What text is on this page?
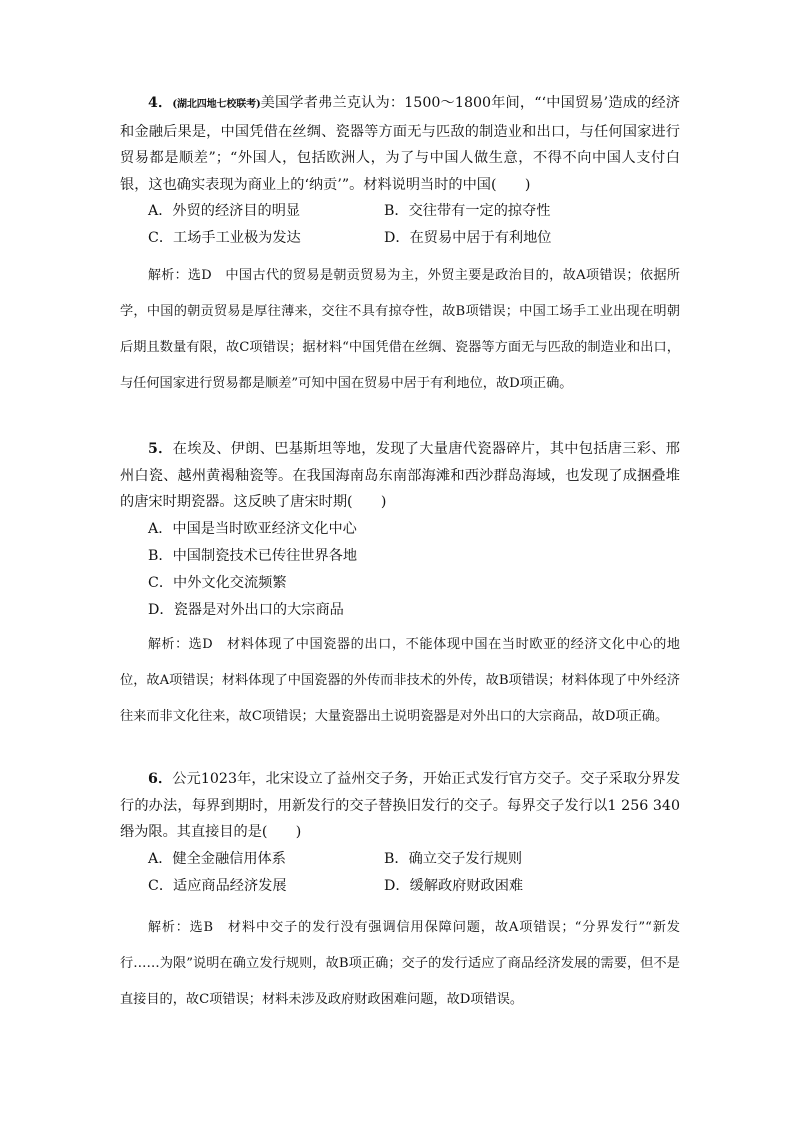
4．(湖北四地七校联考)美国学者弗兰克认为：1500～1800年间，“‘中国贸易’造成的经济和金融后果是，中国凭借在丝绸、瓷器等方面无与匹敌的制造业和出口，与任何国家进行贸易都是顺差”；“外国人，包括欧洲人，为了与中国人做生意，不得不向中国人支付白银，这也确实表现为商业上的‘纳贡’”。材料说明当时的中国(　　)

A．外贸的经济目的明显	B．交往带有一定的掠夺性
C．工场手工业极为发达	D．在贸易中居于有利地位
解析：选D　 中国古代的贸易是朝贡贸易为主，外贸主要是政治目的，故A项错误；依据所学，中国的朝贡贸易是厚往薄来，交往不具有掠夺性，故B项错误；中国工场手工业出现在明朝后期且数量有限，故C项错误；据材料“中国凭借在丝绸、瓷器等方面无与匹敌的制造业和出口，与任何国家进行贸易都是顺差”可知中国在贸易中居于有利地位，故D项正确。

5．在埃及、伊朗、巴基斯坦等地，发现了大量唐代瓷器碎片，其中包括唐三彩、邢州白瓷、越州黄褐釉瓷等。在我国海南岛东南部海滩和西沙群岛海域，也发现了成捆叠堆的唐宋时期瓷器。这反映了唐宋时期(　　)

A．中国是当时欧亚经济文化中心
B．中国制瓷技术已传往世界各地
C．中外文化交流频繁
D．瓷器是对外出口的大宗商品
解析：选D　 材料体现了中国瓷器的出口，不能体现中国在当时欧亚的经济文化中心的地位，故A项错误；材料体现了中国瓷器的外传而非技术的外传，故B项错误；材料体现了中外经济往来而非文化往来，故C项错误；大量瓷器出土说明瓷器是对外出口的大宗商品，故D项正确。

6．公元1023年，北宋设立了益州交子务，开始正式发行官方交子。交子采取分界发行的办法，每界到期时，用新发行的交子替换旧发行的交子。每界交子发行以1 256 340缗为限。其直接目的是(　　)

A．健全金融信用体系	B．确立交子发行规则
C．适应商品经济发展	D．缓解政府财政困难
解析：选B　 材料中交子的发行没有强调信用保障问题，故A项错误；“分界发行”“新发行……为限”说明在确立发行规则，故B项正确；交子的发行适应了商品经济发展的需要，但不是直接目的，故C项错误；材料未涉及政府财政困难问题，故D项错误。
